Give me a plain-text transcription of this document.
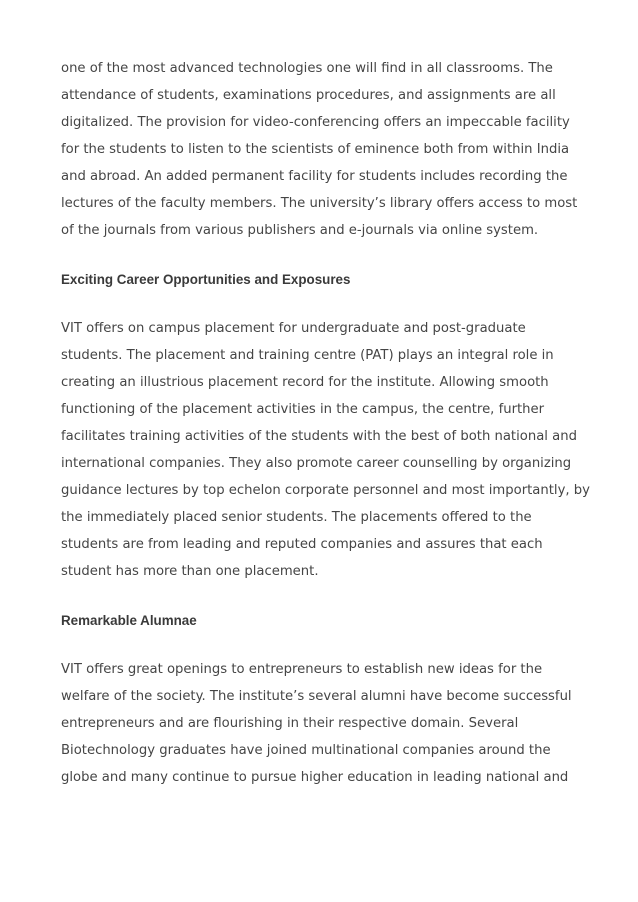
one of the most advanced technologies one will find in all classrooms. The
attendance of students, examinations procedures, and assignments are all
digitalized. The provision for video-conferencing offers an impeccable facility
for the students to listen to the scientists of eminence both from within India
and abroad. An added permanent facility for students includes recording the
lectures of the faculty members. The university’s library offers access to most
of the journals from various publishers and e-journals via online system.
Exciting Career Opportunities and Exposures
VIT offers on campus placement for undergraduate and post-graduate
students. The placement and training centre (PAT) plays an integral role in
creating an illustrious placement record for the institute. Allowing smooth
functioning of the placement activities in the campus, the centre, further
facilitates training activities of the students with the best of both national and
international companies. They also promote career counselling by organizing
guidance lectures by top echelon corporate personnel and most importantly, by
the immediately placed senior students. The placements offered to the
students are from leading and reputed companies and assures that each
student has more than one placement.
Remarkable Alumnae
VIT offers great openings to entrepreneurs to establish new ideas for the
welfare of the society. The institute’s several alumni have become successful
entrepreneurs and are flourishing in their respective domain. Several
Biotechnology graduates have joined multinational companies around the
globe and many continue to pursue higher education in leading national and
